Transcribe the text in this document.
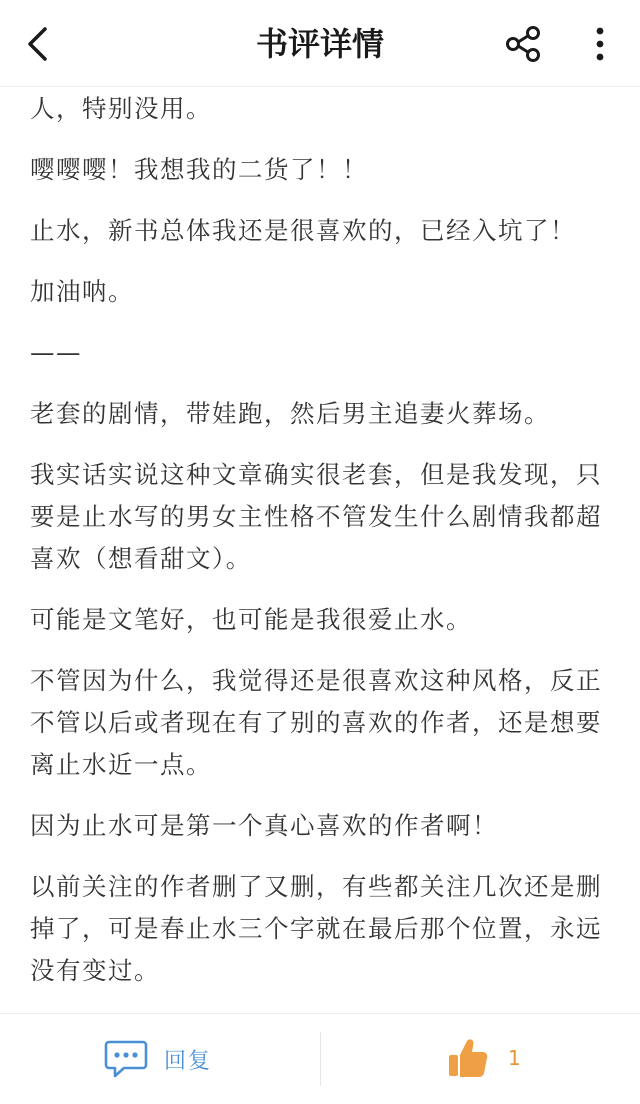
书评详情

人，特别没用。

嘤嘤嘤！我想我的二货了！！

止水，新书总体我还是很喜欢的，已经入坑了！

加油呐。

——

老套的剧情，带娃跑，然后男主追妻火葬场。

我实话实说这种文章确实很老套，但是我发现，只要是止水写的男女主性格不管发生什么剧情我都超喜欢（想看甜文）。

可能是文笔好，也可能是我很爱止水。

不管因为什么，我觉得还是很喜欢这种风格，反正不管以后或者现在有了别的喜欢的作者，还是想要离止水近一点。

因为止水可是第一个真心喜欢的作者啊！

以前关注的作者删了又删，有些都关注几次还是删掉了，可是春止水三个字就在最后那个位置，永远没有变过。

回复	1
